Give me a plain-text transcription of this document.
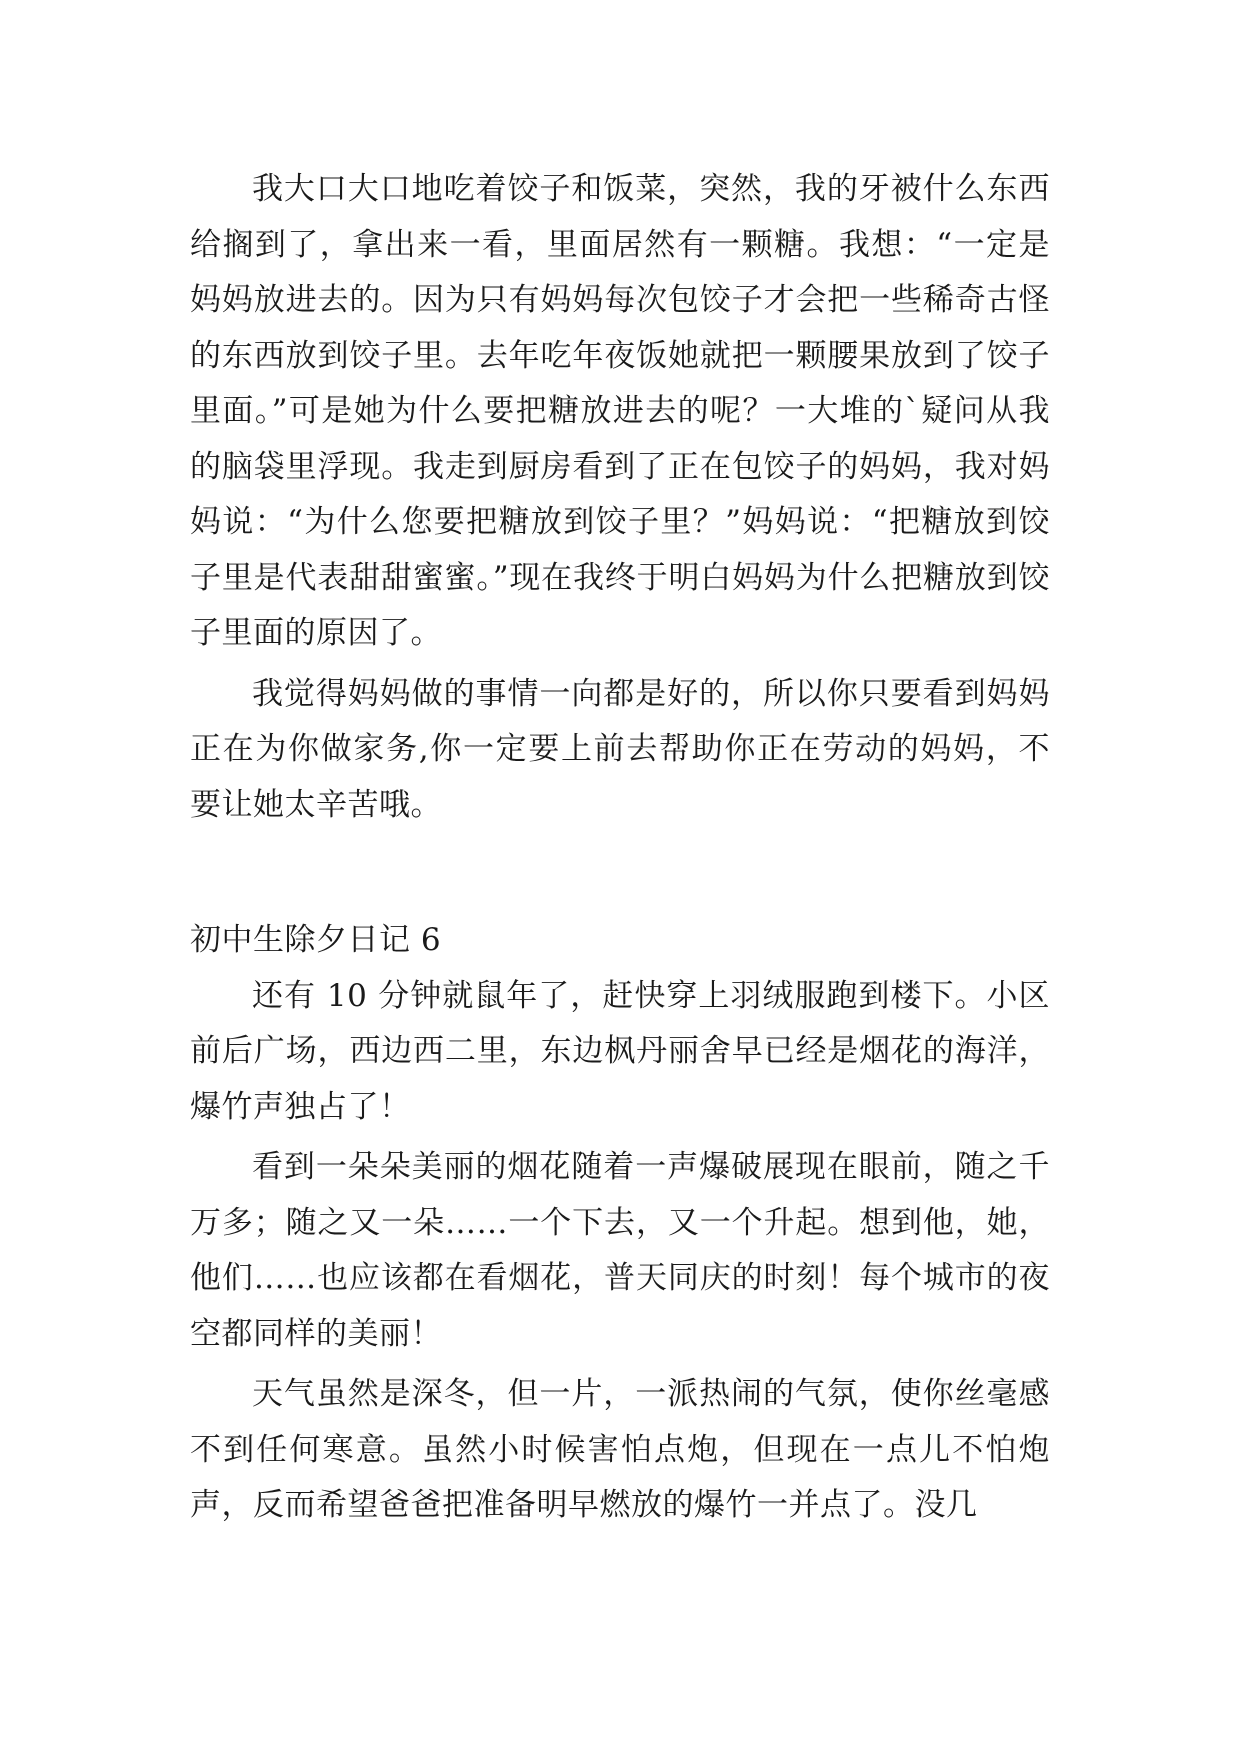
我大口大口地吃着饺子和饭菜，突然，我的牙被什么东西给搁到了，拿出来一看，里面居然有一颗糖。我想：“一定是妈妈放进去的。因为只有妈妈每次包饺子才会把一些稀奇古怪的东西放到饺子里。去年吃年夜饭她就把一颗腰果放到了饺子里面。”可是她为什么要把糖放进去的呢？一大堆的`疑问从我的脑袋里浮现。我走到厨房看到了正在包饺子的妈妈，我对妈妈说：“为什么您要把糖放到饺子里？”妈妈说：“把糖放到饺子里是代表甜甜蜜蜜。”现在我终于明白妈妈为什么把糖放到饺子里面的原因了。

我觉得妈妈做的事情一向都是好的，所以你只要看到妈妈正在为你做家务,你一定要上前去帮助你正在劳动的妈妈，不要让她太辛苦哦。

初中生除夕日记 6

还有 10 分钟就鼠年了，赶快穿上羽绒服跑到楼下。小区前后广场，西边西二里，东边枫丹丽舍早已经是烟花的海洋，爆竹声独占了！

看到一朵朵美丽的烟花随着一声爆破展现在眼前，随之千万多；随之又一朵……一个下去，又一个升起。想到他，她，他们……也应该都在看烟花，普天同庆的时刻！每个城市的夜空都同样的美丽！

天气虽然是深冬，但一片，一派热闹的气氛，使你丝毫感不到任何寒意。虽然小时候害怕点炮，但现在一点儿不怕炮声，反而希望爸爸把准备明早燃放的爆竹一并点了。没几
